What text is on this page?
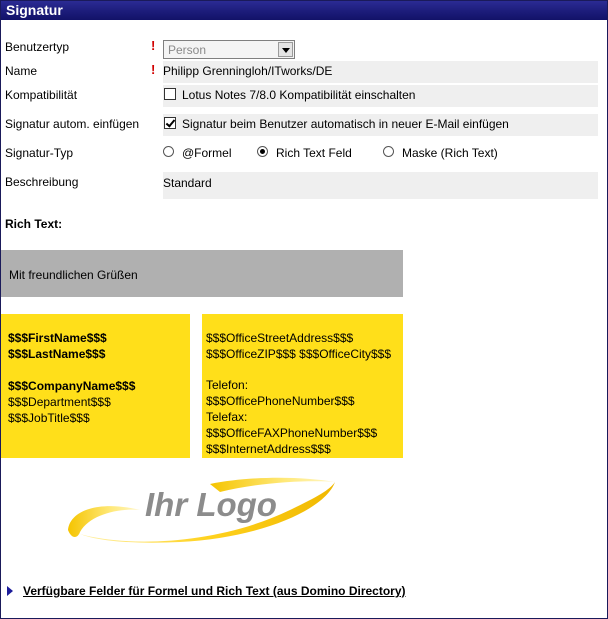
Signatur
Benutzertyp	! Person
Name	! Philipp Grenningloh/ITworks/DE
Kompatibilität	Lotus Notes 7/8.0 Kompatibilität einschalten
Signatur autom. einfügen	Signatur beim Benutzer automatisch in neuer E-Mail einfügen
Signatur-Typ	@Formel	Rich Text Feld	Maske (Rich Text)
Beschreibung	Standard
Rich Text:
Mit freundlichen Grüßen
$$$FirstName$$$
$$$LastName$$$
$$$CompanyName$$$
$$$Department$$$
$$$JobTitle$$$
$$$OfficeStreetAddress$$$
$$$OfficeZIP$$$ $$$OfficeCity$$$
Telefon:
$$$OfficePhoneNumber$$$
Telefax:
$$$OfficeFAXPhoneNumber$$$
$$$InternetAddress$$$
Ihr Logo
Verfügbare Felder für Formel und Rich Text (aus Domino Directory)
